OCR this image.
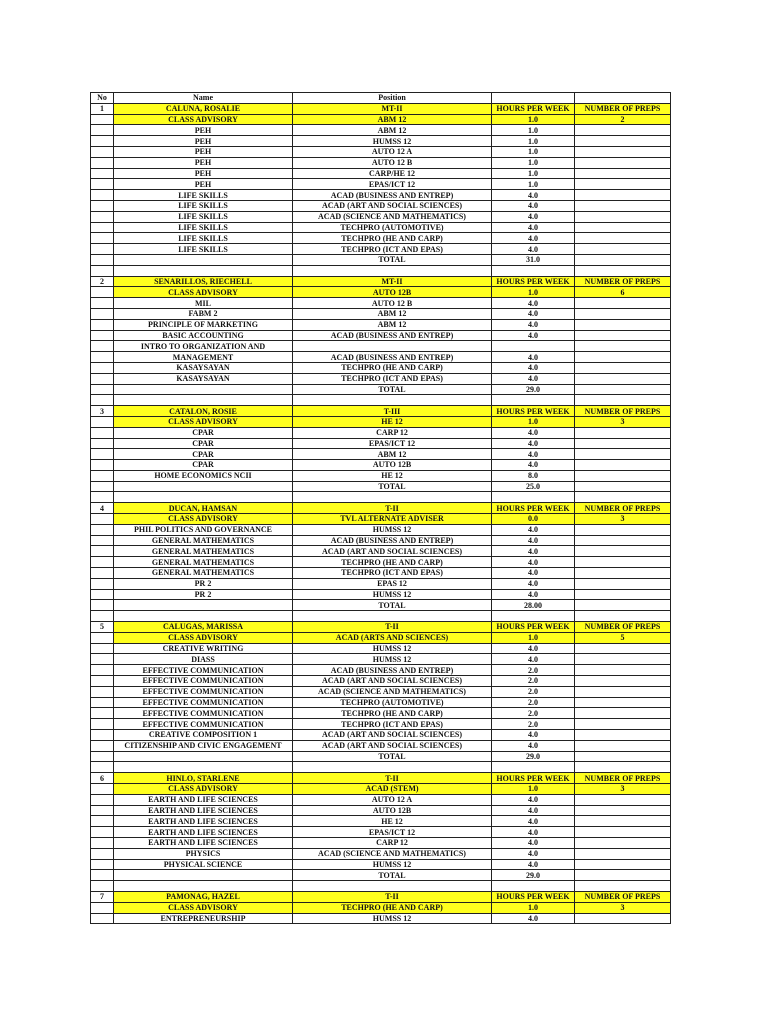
No	Name	Position		
1	CALUNA, ROSALIE	MT-II	HOURS PER WEEK	NUMBER OF PREPS
	CLASS ADVISORY	ABM 12	1.0	2
	PEH	ABM 12	1.0	
	PEH	HUMSS 12	1.0	
	PEH	AUTO 12 A	1.0	
	PEH	AUTO 12 B	1.0	
	PEH	CARP/HE 12	1.0	
	PEH	EPAS/ICT 12	1.0	
	LIFE SKILLS	ACAD (BUSINESS AND ENTREP)	4.0	
	LIFE SKILLS	ACAD (ART AND SOCIAL SCIENCES)	4.0	
	LIFE SKILLS	ACAD (SCIENCE AND MATHEMATICS)	4.0	
	LIFE SKILLS	TECHPRO (AUTOMOTIVE)	4.0	
	LIFE SKILLS	TECHPRO (HE AND CARP)	4.0	
	LIFE SKILLS	TECHPRO (ICT AND EPAS)	4.0	
		TOTAL	31.0	

2	SENARILLOS, RIECHELL	MT-II	HOURS PER WEEK	NUMBER OF PREPS
	CLASS ADVISORY	AUTO 12B	1.0	6
	MIL	AUTO 12 B	4.0	
	FABM 2	ABM 12	4.0	
	PRINCIPLE OF MARKETING	ABM 12	4.0	
	BASIC ACCOUNTING	ACAD (BUSINESS AND ENTREP)	4.0	
	INTRO TO ORGANIZATION AND			
	MANAGEMENT	ACAD (BUSINESS AND ENTREP)	4.0	
	KASAYSAYAN	TECHPRO (HE AND CARP)	4.0	
	KASAYSAYAN	TECHPRO (ICT AND EPAS)	4.0	
		TOTAL	29.0	

3	CATALON, ROSIE	T-III	HOURS PER WEEK	NUMBER OF PREPS
	CLASS ADVISORY	HE 12	1.0	3
	CPAR	CARP 12	4.0	
	CPAR	EPAS/ICT 12	4.0	
	CPAR	ABM 12	4.0	
	CPAR	AUTO 12B	4.0	
	HOME ECONOMICS NCII	HE 12	8.0	
		TOTAL	25.0	

4	DUCAN, HAMSAN	T-II	HOURS PER WEEK	NUMBER OF PREPS
	CLASS ADVISORY	TVL ALTERNATE ADVISER	0.0	3
	PHIL POLITICS AND GOVERNANCE	HUMSS 12	4.0	
	GENERAL MATHEMATICS	ACAD (BUSINESS AND ENTREP)	4.0	
	GENERAL MATHEMATICS	ACAD (ART AND SOCIAL SCIENCES)	4.0	
	GENERAL MATHEMATICS	TECHPRO (HE AND CARP)	4.0	
	GENERAL MATHEMATICS	TECHPRO (ICT AND EPAS)	4.0	
	PR 2	EPAS 12	4.0	
	PR 2	HUMSS 12	4.0	
		TOTAL	28.00	

5	CALUGAS, MARISSA	T-II	HOURS PER WEEK	NUMBER OF PREPS
	CLASS ADVISORY	ACAD (ARTS AND SCIENCES)	1.0	5
	CREATIVE WRITING	HUMSS 12	4.0	
	DIASS	HUMSS 12	4.0	
	EFFECTIVE COMMUNICATION	ACAD (BUSINESS AND ENTREP)	2.0	
	EFFECTIVE COMMUNICATION	ACAD (ART AND SOCIAL SCIENCES)	2.0	
	EFFECTIVE COMMUNICATION	ACAD (SCIENCE AND MATHEMATICS)	2.0	
	EFFECTIVE COMMUNICATION	TECHPRO (AUTOMOTIVE)	2.0	
	EFFECTIVE COMMUNICATION	TECHPRO (HE AND CARP)	2.0	
	EFFECTIVE COMMUNICATION	TECHPRO (ICT AND EPAS)	2.0	
	CREATIVE COMPOSITION 1	ACAD (ART AND SOCIAL SCIENCES)	4.0	
	CITIZENSHIP AND CIVIC ENGAGEMENT	ACAD (ART AND SOCIAL SCIENCES)	4.0	
		TOTAL	29.0	

6	HINLO, STARLENE	T-II	HOURS PER WEEK	NUMBER OF PREPS
	CLASS ADVISORY	ACAD (STEM)	1.0	3
	EARTH AND LIFE SCIENCES	AUTO 12 A	4.0	
	EARTH AND LIFE SCIENCES	AUTO 12B	4.0	
	EARTH AND LIFE SCIENCES	HE 12	4.0	
	EARTH AND LIFE SCIENCES	EPAS/ICT 12	4.0	
	EARTH AND LIFE SCIENCES	CARP 12	4.0	
	PHYSICS	ACAD (SCIENCE AND MATHEMATICS)	4.0	
	PHYSICAL SCIENCE	HUMSS 12	4.0	
		TOTAL	29.0	

7	PAMONAG, HAZEL	T-II	HOURS PER WEEK	NUMBER OF PREPS
	CLASS ADVISORY	TECHPRO (HE AND CARP)	1.0	3
	ENTREPRENEURSHIP	HUMSS 12	4.0	
